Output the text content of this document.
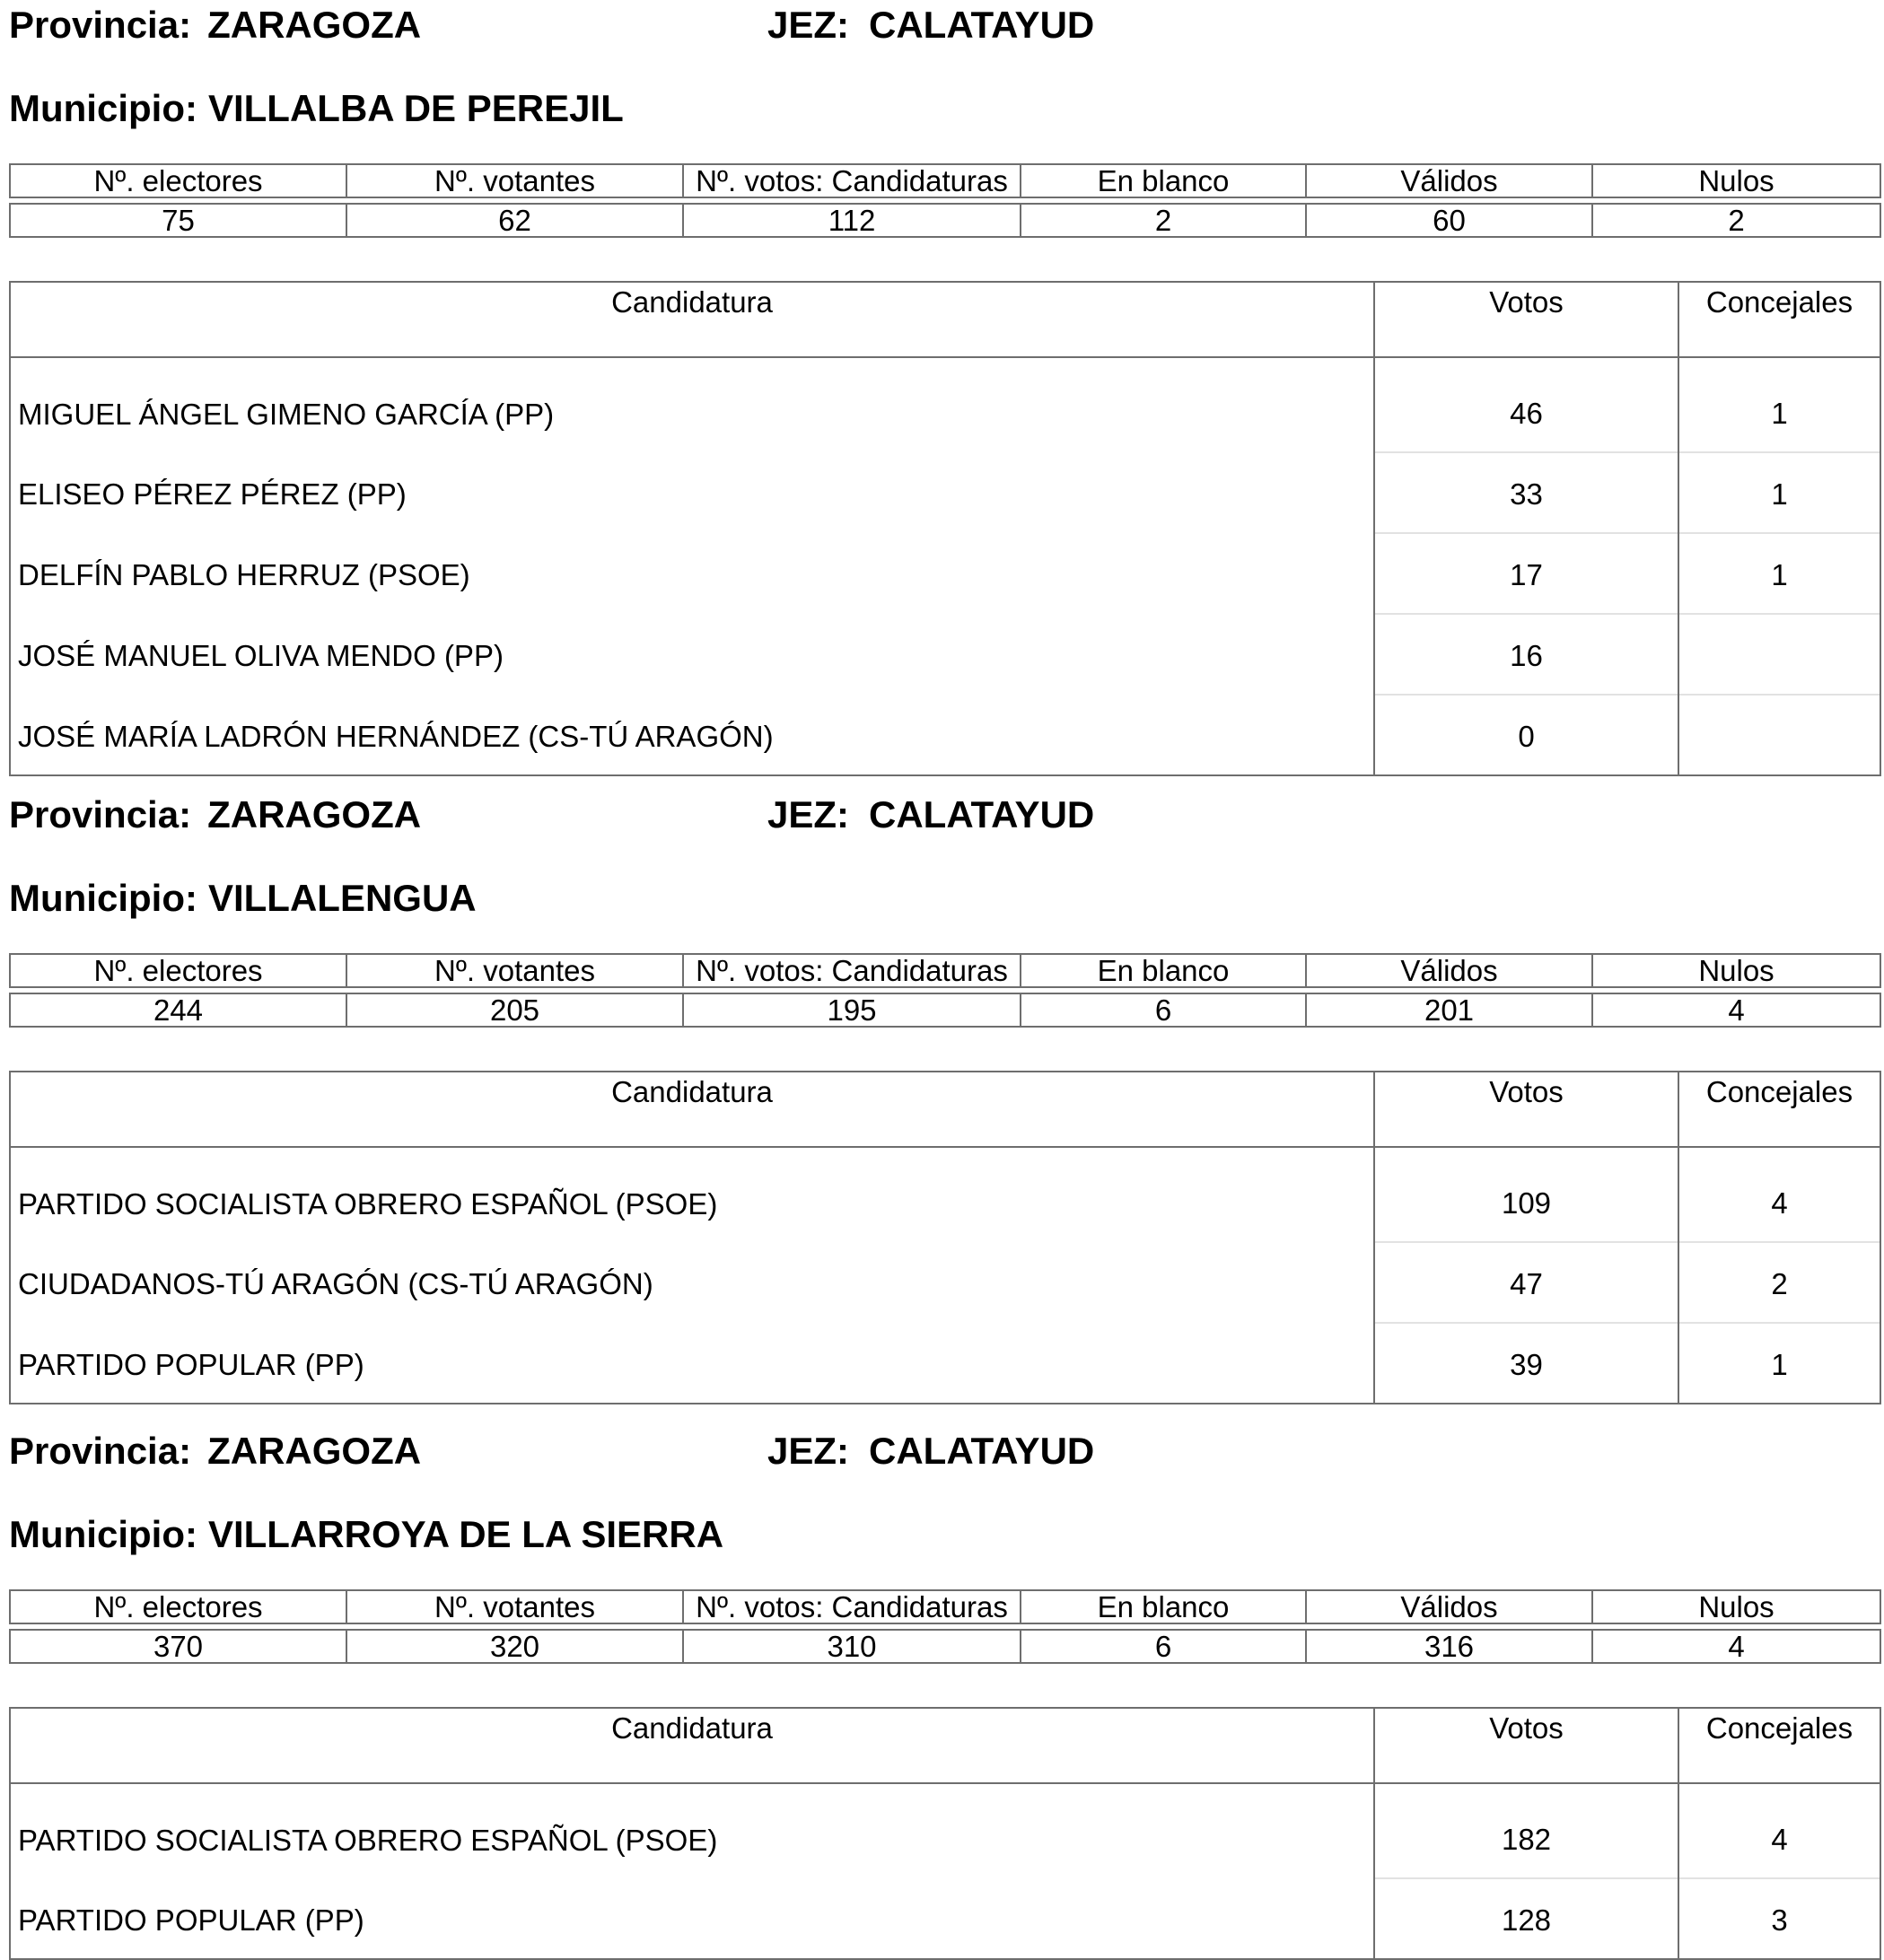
Provincia: ZARAGOZA	JEZ: CALATAYUD
Municipio: VILLALBA DE PEREJIL
Nº. electores	Nº. votantes	Nº. votos: Candidaturas	En blanco	Válidos	Nulos
75	62	112	2	60	2
Candidatura	Votos	Concejales
MIGUEL ÁNGEL GIMENO GARCÍA (PP)	46	1
ELISEO PÉREZ PÉREZ (PP)	33	1
DELFÍN PABLO HERRUZ (PSOE)	17	1
JOSÉ MANUEL OLIVA MENDO (PP)	16	
JOSÉ MARÍA LADRÓN HERNÁNDEZ (CS-TÚ ARAGÓN)	0	
Provincia: ZARAGOZA	JEZ: CALATAYUD
Municipio: VILLALENGUA
Nº. electores	Nº. votantes	Nº. votos: Candidaturas	En blanco	Válidos	Nulos
244	205	195	6	201	4
Candidatura	Votos	Concejales
PARTIDO SOCIALISTA OBRERO ESPAÑOL (PSOE)	109	4
CIUDADANOS-TÚ ARAGÓN (CS-TÚ ARAGÓN)	47	2
PARTIDO POPULAR (PP)	39	1
Provincia: ZARAGOZA	JEZ: CALATAYUD
Municipio: VILLARROYA DE LA SIERRA
Nº. electores	Nº. votantes	Nº. votos: Candidaturas	En blanco	Válidos	Nulos
370	320	310	6	316	4
Candidatura	Votos	Concejales
PARTIDO SOCIALISTA OBRERO ESPAÑOL (PSOE)	182	4
PARTIDO POPULAR (PP)	128	3
